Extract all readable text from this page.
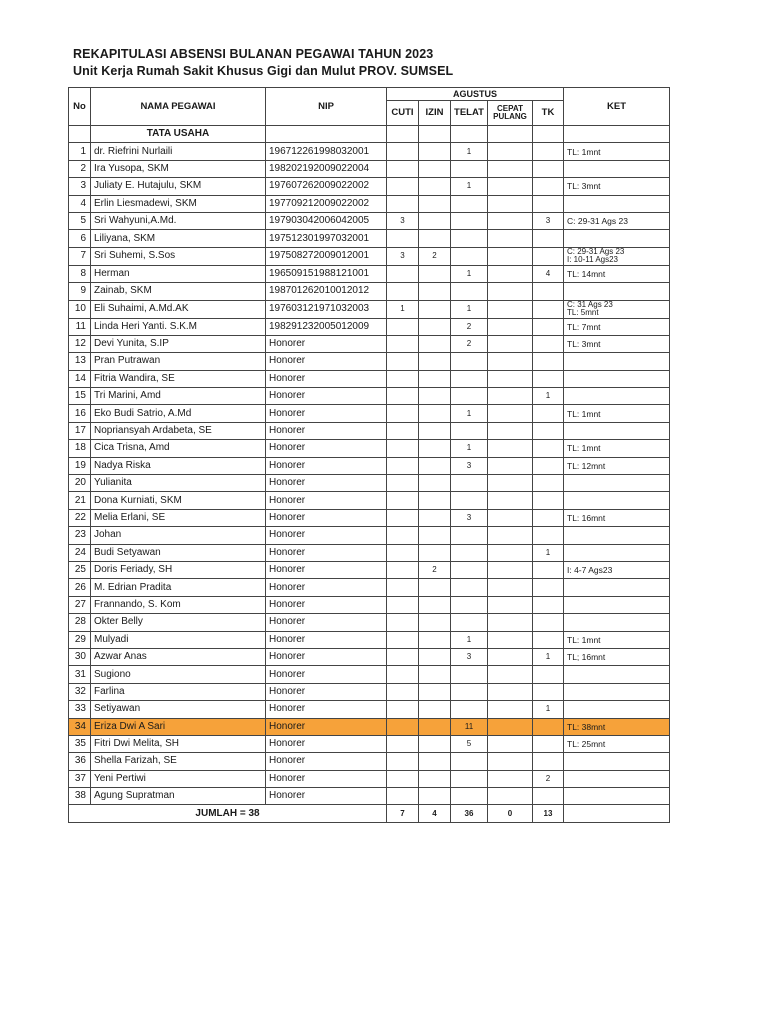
REKAPITULASI ABSENSI BULANAN PEGAWAI TAHUN 2023
Unit Kerja Rumah Sakit Khusus Gigi dan Mulut PROV. SUMSEL
No	NAMA PEGAWAI	NIP	AGUSTUS					KET
			CUTI	IZIN	TELAT	CEPAT PULANG	TK	
	TATA USAHA							
1	dr. Riefrini Nurlaili	196712261998032001			1			TL: 1mnt

2	Ira Yusopa, SKM	198202192009022004						

3	Juliaty E. Hutajulu, SKM	197607262009022002			1			TL: 3mnt

4	Erlin Liesmadewi, SKM	197709212009022002						

5	Sri Wahyuni,A.Md.	197903042006042005	3				3	C: 29-31 Ags 23

6	Liliyana, SKM	197512301997032001						

7	Sri Suhemi, S.Sos	197508272009012001	3	2				C: 29-31 Ags 23
I: 10-11 Ags23

8	Herman	196509151988121001			1		4	TL: 14mnt

9	Zainab, SKM	198701262010012012						

10	Eli Suhaimi, A.Md.AK	197603121971032003	1		1			C: 31 Ags 23
TL: 5mnt

11	Linda Heri Yanti. S.K.M	198291232005012009			2			TL: 7mnt

12	Devi Yunita, S.IP	Honorer			2			TL: 3mnt

13	Pran Putrawan	Honorer						

14	Fitria Wandira, SE	Honorer						

15	Tri Marini, Amd	Honorer					1	

16	Eko Budi Satrio, A.Md	Honorer			1			TL: 1mnt

17	Nopriansyah Ardabeta, SE	Honorer						

18	Cica Trisna, Amd	Honorer			1			TL: 1mnt

19	Nadya Riska	Honorer			3			TL: 12mnt

20	Yulianita	Honorer						

21	Dona Kurniati, SKM	Honorer						

22	Melia Erlani, SE	Honorer			3			TL: 16mnt

23	Johan	Honorer						

24	Budi Setyawan	Honorer					1	

25	Doris Feriady, SH	Honorer		2				I: 4-7 Ags23

26	M. Edrian Pradita	Honorer						

27	Frannando, S. Kom	Honorer						

28	Okter Belly	Honorer						

29	Mulyadi	Honorer			1			TL: 1mnt

30	Azwar Anas	Honorer			3		1	TL; 16mnt

31	Sugiono	Honorer						

32	Farlina	Honorer						

33	Setiyawan	Honorer					1	

34	Eriza Dwi A Sari	Honorer			11			TL: 38mnt

35	Fitri Dwi Melita, SH	Honorer			5			TL: 25mnt

36	Shella Farizah, SE	Honorer						

37	Yeni Pertiwi	Honorer					2	

38	Agung Supratman	Honorer						

JUMLAH = 38			7	4	36	0	13	
